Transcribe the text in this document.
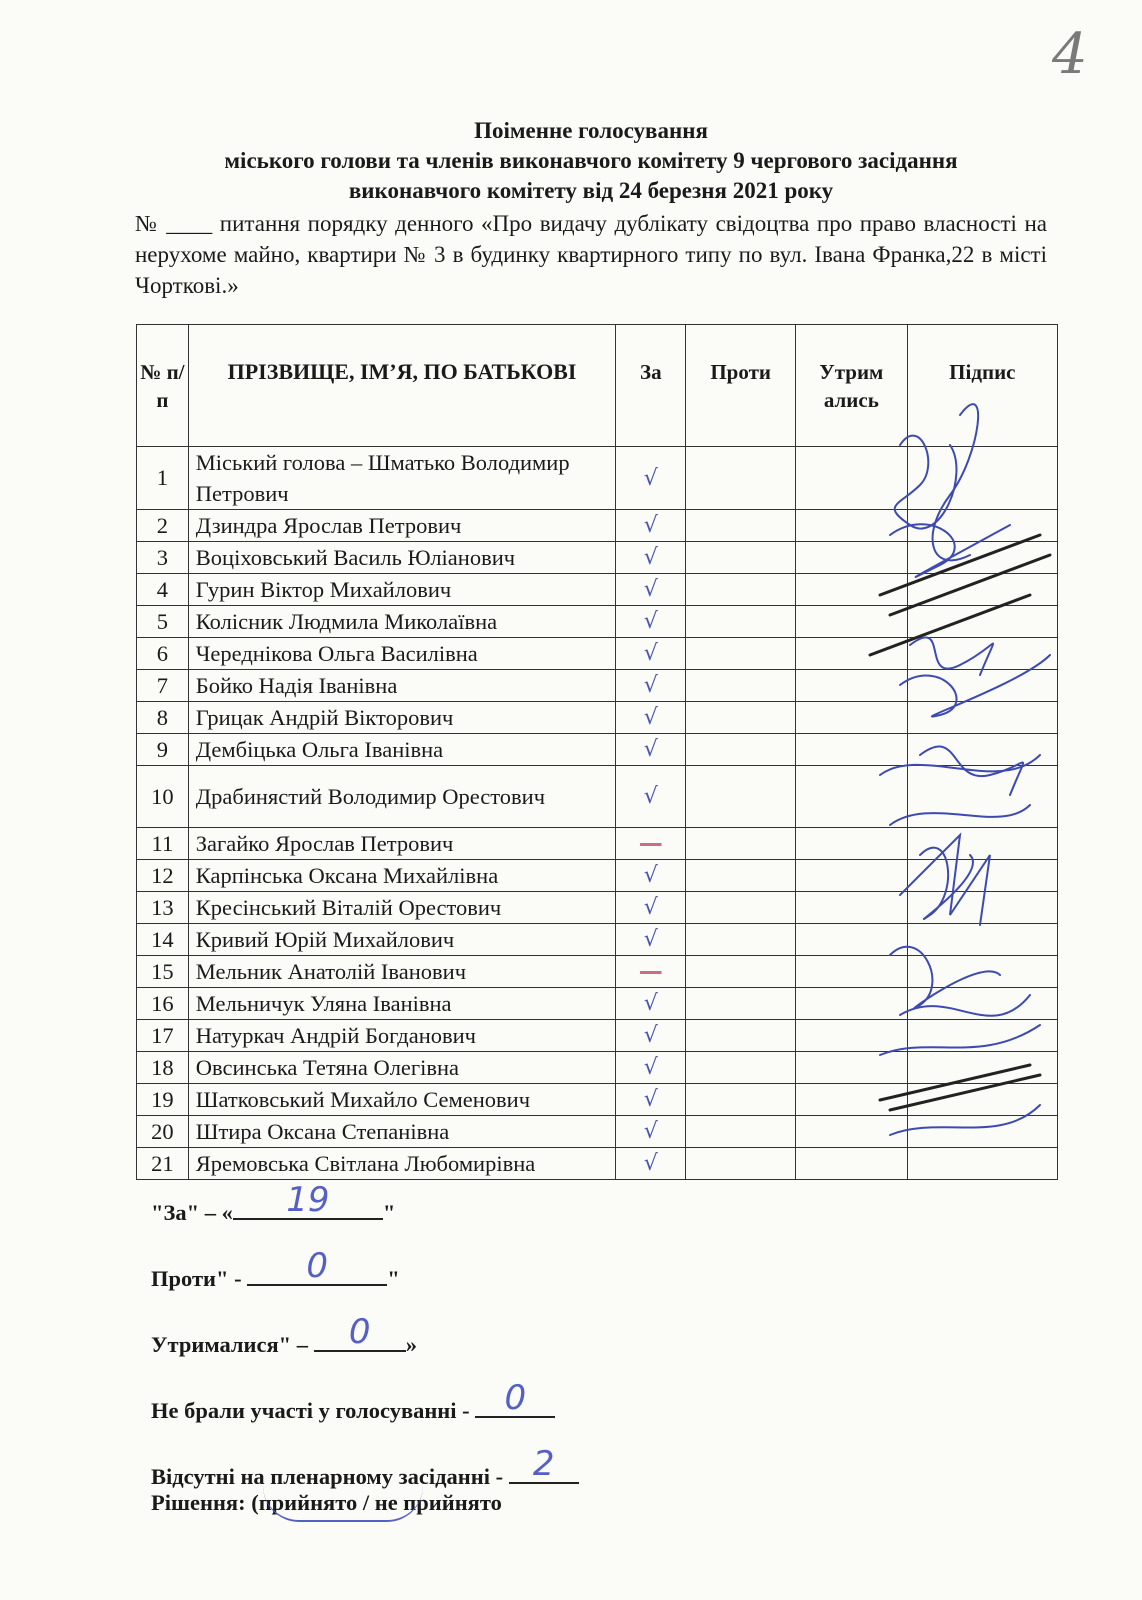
4
Поіменне голосування
міського голови та членів виконавчого комітету 9 чергового засідання
виконавчого комітету від 24 березня 2021 року
№ ____ питання порядку денного «Про видачу дублікату свідоцтва про право власності на нерухоме майно, квартири № 3 в будинку квартирного типу по вул. Івана Франка,22 в місті Чорткові.»
№ п/п	ПРІЗВИЩЕ, ІМ’Я, ПО БАТЬКОВІ	За	Проти	Утрим ались	Підпис
1	Міський голова – Шматько Володимир Петрович	√			
2	Дзиндра Ярослав Петрович	√			
3	Воціховський Василь Юліанович	√			
4	Гурин Віктор Михайлович	√			
5	Колісник Людмила Миколаївна	√			
6	Череднікова Ольга Василівна	√			
7	Бойко Надія Іванівна	√			
8	Грицак Андрій Вікторович	√			
9	Дембіцька Ольга Іванівна	√			
10	Драбинястий Володимир Орестович	√			
11	Загайко Ярослав Петрович	—			
12	Карпінська Оксана Михайлівна	√			
13	Кресінський Віталій Орестович	√			
14	Кривий Юрій Михайлович	√			
15	Мельник Анатолій Іванович	—			
16	Мельничук Уляна Іванівна	√			
17	Натуркач Андрій Богданович	√			
18	Овсинська Тетяна Олегівна	√			
19	Шатковський Михайло Семенович	√			
20	Штира Оксана Степанівна	√			
21	Яремовська Світлана Любомирівна	√			
"За" – « 19 "
Проти" - 0	"
Утрималися" – 0 »
Не брали участі у голосуванні - 0
Відсутні на пленарному засіданні - 2
Рішення: (прийнято / не прийнято
